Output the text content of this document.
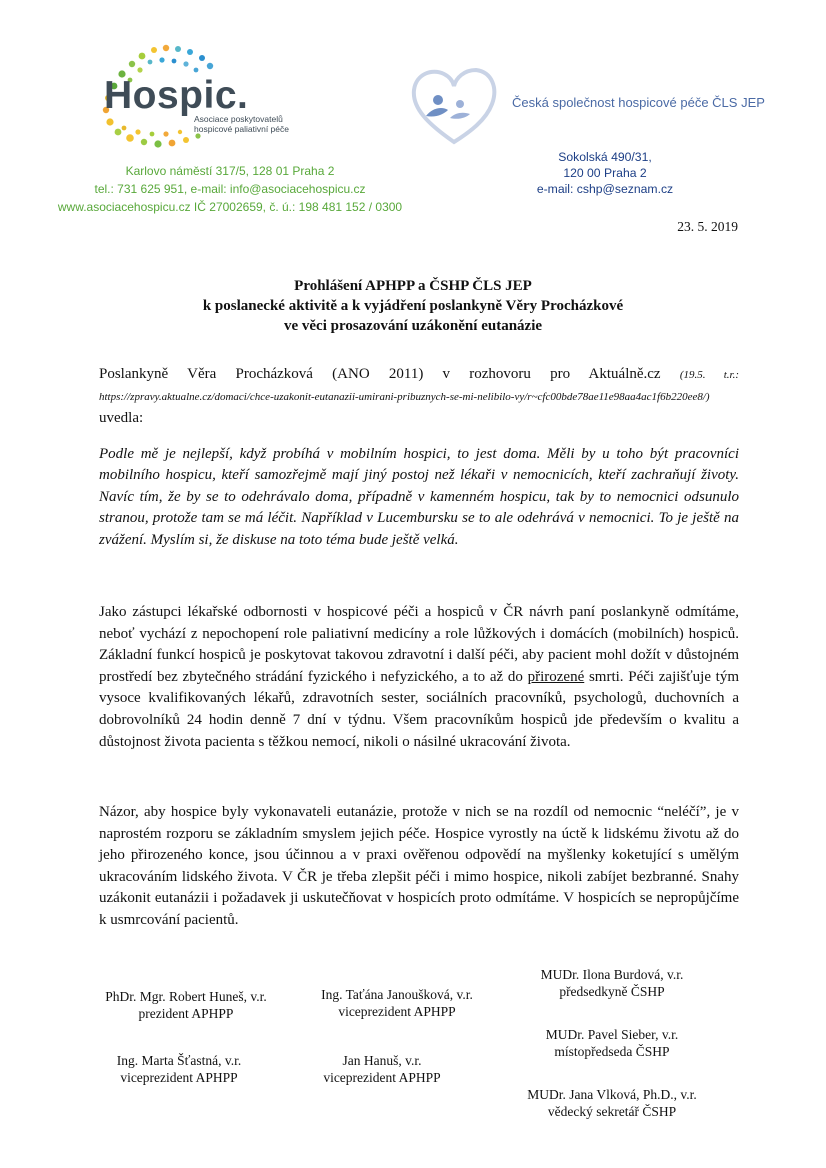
Hospic.
Asociace poskytovatelů
hospicové paliativní péče
Karlovo náměstí 317/5, 128 01 Praha 2
tel.: 731 625 951, e-mail: info@asociacehospicu.cz
www.asociacehospicu.cz IČ 27002659, č. ú.: 198 481 152 / 0300
Česká společnost hospicové péče ČLS JEP
Sokolská 490/31,
120 00 Praha 2
e-mail: cshp@seznam.cz
23. 5. 2019
Prohlášení APHPP a ČSHP ČLS JEP
k poslanecké aktivitě a k vyjádření poslankyně Věry Procházkové
ve věci prosazování uzákonění eutanázie
Poslankyně Věra Procházková (ANO 2011) v rozhovoru pro Aktuálně.cz (19.5. t.r.: https://zpravy.aktualne.cz/domaci/chce-uzakonit-eutanazii-umirani-pribuznych-se-mi-nelibilo-vy/r~cfc00bde78ae11e98aa4ac1f6b220ee8/) uvedla:
Podle mě je nejlepší, když probíhá v mobilním hospici, to jest doma. Měli by u toho být pracovníci mobilního hospicu, kteří samozřejmě mají jiný postoj než lékaři v nemocnicích, kteří zachraňují životy. Navíc tím, že by se to odehrávalo doma, případně v kamenném hospicu, tak by to nemocnici odsunulo stranou, protože tam se má léčit. Například v Lucembursku se to ale odehrává v nemocnici. To je ještě na zvážení. Myslím si, že diskuse na toto téma bude ještě velká.
Jako zástupci lékařské odbornosti v hospicové péči a hospiců v ČR návrh paní poslankyně odmítáme, neboť vychází z nepochopení role paliativní medicíny a role lůžkových i domácích (mobilních) hospiců. Základní funkcí hospiců je poskytovat takovou zdravotní i další péči, aby pacient mohl dožít v důstojném prostředí bez zbytečného strádání fyzického i nefyzického, a to až do přirozené smrti. Péči zajišťuje tým vysoce kvalifikovaných lékařů, zdravotních sester, sociálních pracovníků, psychologů, duchovních a dobrovolníků 24 hodin denně 7 dní v týdnu. Všem pracovníkům hospiců jde především o kvalitu a důstojnost života pacienta s těžkou nemocí, nikoli o násilné ukracování života.
Názor, aby hospice byly vykonavateli eutanázie, protože v nich se na rozdíl od nemocnic “neléčí”, je v naprostém rozporu se základním smyslem jejich péče. Hospice vyrostly na úctě k lidskému životu až do jeho přirozeného konce, jsou účinnou a v praxi ověřenou odpovědí na myšlenky koketující s umělým ukracováním lidského života. V ČR je třeba zlepšit péči i mimo hospice, nikoli zabíjet bezbranné. Snahy uzákonit eutanázii i požadavek ji uskutečňovat v hospicích proto odmítáme. V hospicích se nepropůjčíme k usmrcování pacientů.
PhDr. Mgr. Robert Huneš, v.r.
prezident APHPP
Ing. Taťána Janoušková, v.r.
viceprezident APHPP
MUDr. Ilona Burdová, v.r.
předsedkyně ČSHP
MUDr. Pavel Sieber, v.r.
místopředseda ČSHP
Ing. Marta Šťastná, v.r.
viceprezident APHPP
Jan Hanuš, v.r.
viceprezident APHPP
MUDr. Jana Vlková, Ph.D., v.r.
vědecký sekretář ČSHP
